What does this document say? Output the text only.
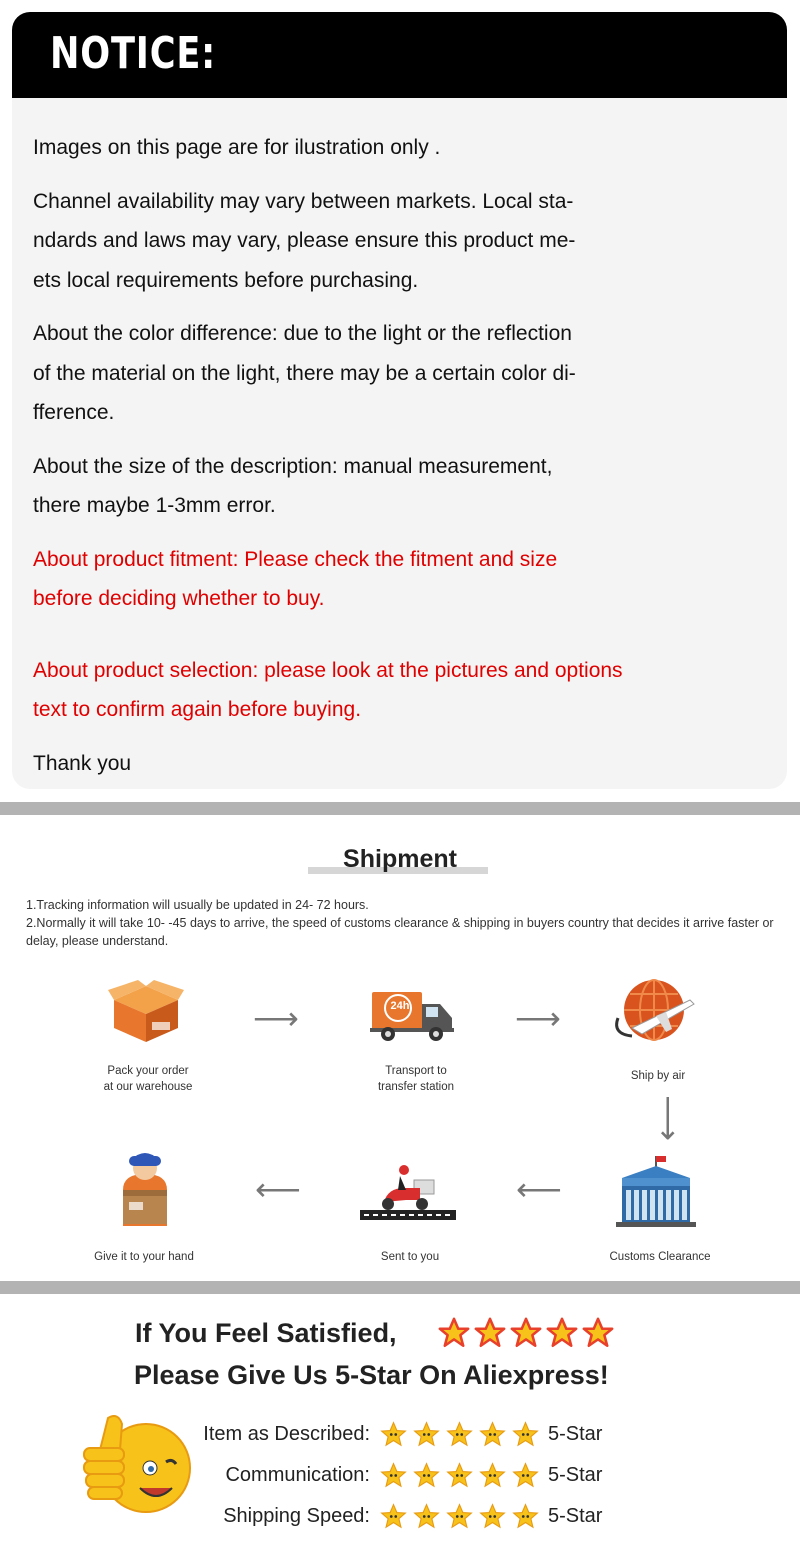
NOTICE:

Images on this page are for ilustration only .

Channel availability may vary between markets. Local sta-
ndards and laws may vary, please ensure this product me-
ets local requirements before purchasing.

About the color difference: due to the light or the reflection
of the material on the light, there may be a certain color di-
fference.

About the size of the description: manual measurement,
there maybe 1-3mm error.

About product fitment: Please check the fitment and size
before deciding whether to buy.

About product selection: please look at the pictures and options
text to confirm again before buying.

Thank you

Shipment
1.Tracking information will usually be updated in 24- 72 hours.
2.Normally it will take 10- -45 days to arrive, the speed of customs clearance & shipping in buyers country that decides it arrive faster or delay, please understand.
⟶	24h	⟶
Pack your order
at our warehouse
Transport to
transfer station
Ship by air
⟶
⟵	⟵
Give it to your hand	Sent to you	Customs Clearance
If You Feel Satisfied,
Please Give Us 5-Star On Aliexpress!
Item as Described:	5-Star
Communication:	5-Star
Shipping Speed:	5-Star
